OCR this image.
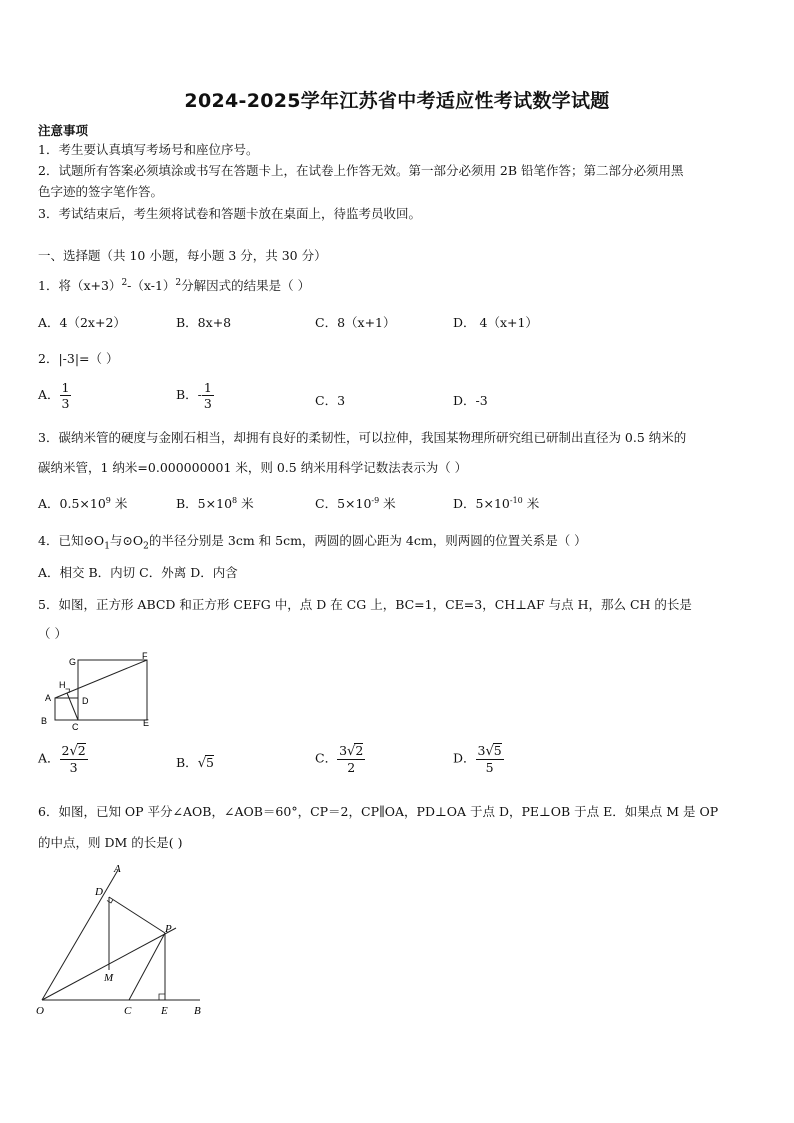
2024-2025学年江苏省中考适应性考试数学试题
注意事项
1．考生要认真填写考场号和座位序号。
2．试题所有答案必须填涂或书写在答题卡上，在试卷上作答无效。第一部分必须用 2B 铅笔作答；第二部分必须用黑
色字迹的签字笔作答。
3．考试结束后，考生须将试卷和答题卡放在桌面上，待监考员收回。
一、选择题（共 10 小题，每小题 3 分，共 30 分）
1．将$(x+3)^2-(x-1)^2$分解因式的结果是（ ）
A．4（2x+2）	B．8x+8	C．8（x+1）	D． 4（x+1）
2．|-3|=（ ）
A． $\frac{1}{3}$	B．- $\frac{1}{3}$	C．3	D．-3
3．碳纳米管的硬度与金刚石相当，却拥有良好的柔韧性，可以拉伸，我国某物理所研究组已研制出直径为 0.5 纳米的
碳纳米管，1 纳米=0.000000001 米，则 0.5 纳米用科学记数法表示为（ ）
A．$0.5\times 10^9$ 米	B．$5\times 10^8$ 米	C．$5\times 10^{-9}$ 米	D．$5\times 10^{-10}$ 米
4．已知$⊙O_1$与$⊙O_2$的半径分别是 3cm 和 5cm，两圆的圆心距为 4cm，则两圆的位置关系是（ ）
A．相交 B．内切 C．外离 D．内含
5．如图，正方形 ABCD 和正方形 CEFG 中，点 D 在 CG 上，BC=1，CE=3，CH⊥AF 与点 H，那么 CH 的长是
（ ）
G
F
H
A	D
B
C	E
A． $\frac{2√2}{3}$	B．√5	C． $\frac{3√2}{2}$	D． $\frac{3√5}{5}$
6．如图，已知 OP 平分∠AOB，∠AOB＝60°，CP＝2，CP∥OA，PD⊥OA 于点 D，PE⊥OB 于点 E．如果点 M 是 OP
的中点，则 DM 的长是( )
A
D
P
M
O	C	E B
